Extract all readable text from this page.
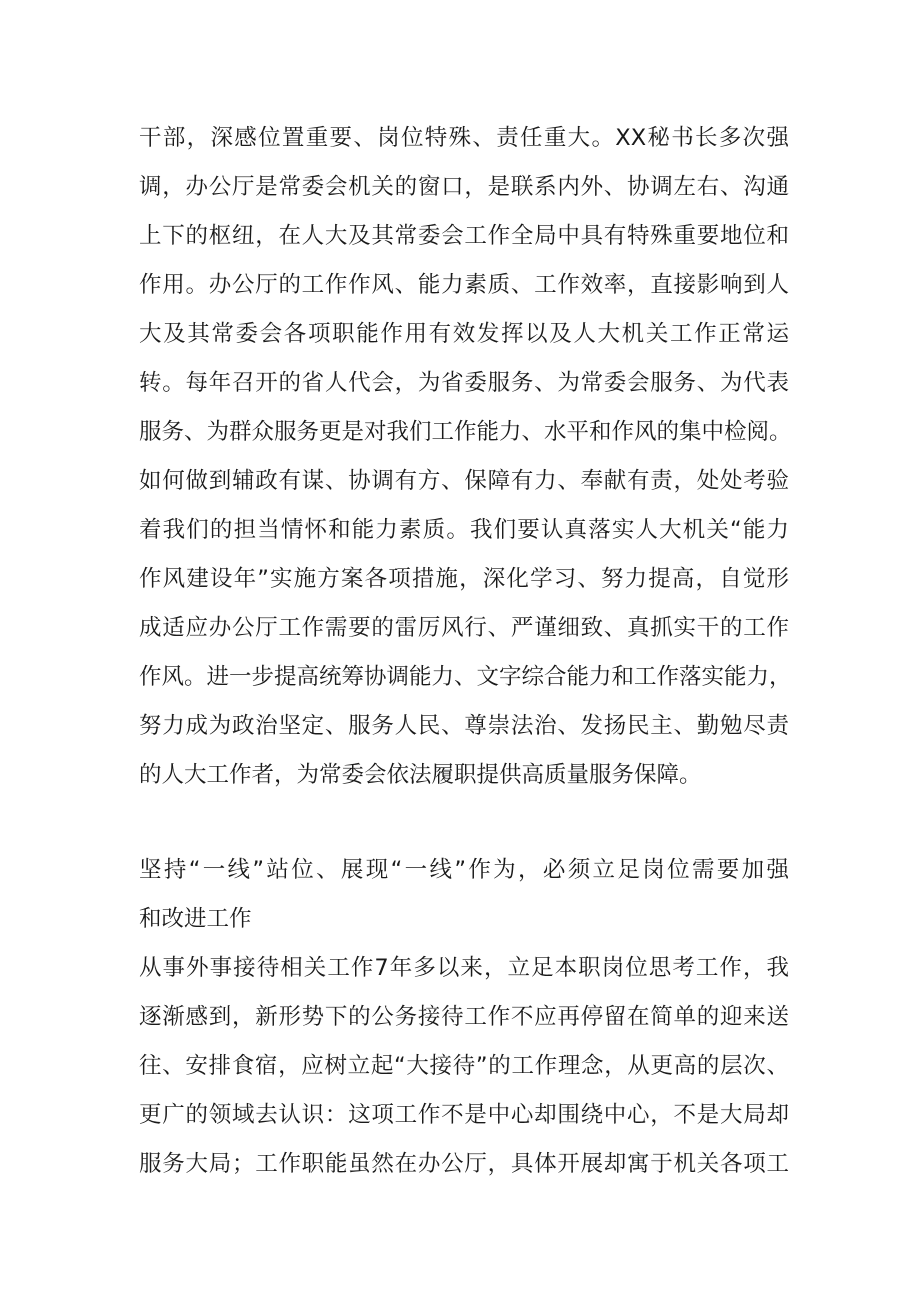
干部，深感位置重要、岗位特殊、责任重大。XX秘书长多次强
调，办公厅是常委会机关的窗口，是联系内外、协调左右、沟通
上下的枢纽，在人大及其常委会工作全局中具有特殊重要地位和
作用。办公厅的工作作风、能力素质、工作效率，直接影响到人
大及其常委会各项职能作用有效发挥以及人大机关工作正常运
转。每年召开的省人代会，为省委服务、为常委会服务、为代表
服务、为群众服务更是对我们工作能力、水平和作风的集中检阅。
如何做到辅政有谋、协调有方、保障有力、奉献有责，处处考验
着我们的担当情怀和能力素质。我们要认真落实人大机关“能力
作风建设年”实施方案各项措施，深化学习、努力提高，自觉形
成适应办公厅工作需要的雷厉风行、严谨细致、真抓实干的工作
作风。进一步提高统筹协调能力、文字综合能力和工作落实能力，
努力成为政治坚定、服务人民、尊崇法治、发扬民主、勤勉尽责
的人大工作者，为常委会依法履职提供高质量服务保障。
坚持“一线”站位、展现“一线”作为，必须立足岗位需要加强
和改进工作
从事外事接待相关工作7年多以来，立足本职岗位思考工作，我
逐渐感到，新形势下的公务接待工作不应再停留在简单的迎来送
往、安排食宿，应树立起“大接待”的工作理念，从更高的层次、
更广的领域去认识：这项工作不是中心却围绕中心，不是大局却
服务大局；工作职能虽然在办公厅，具体开展却寓于机关各项工
